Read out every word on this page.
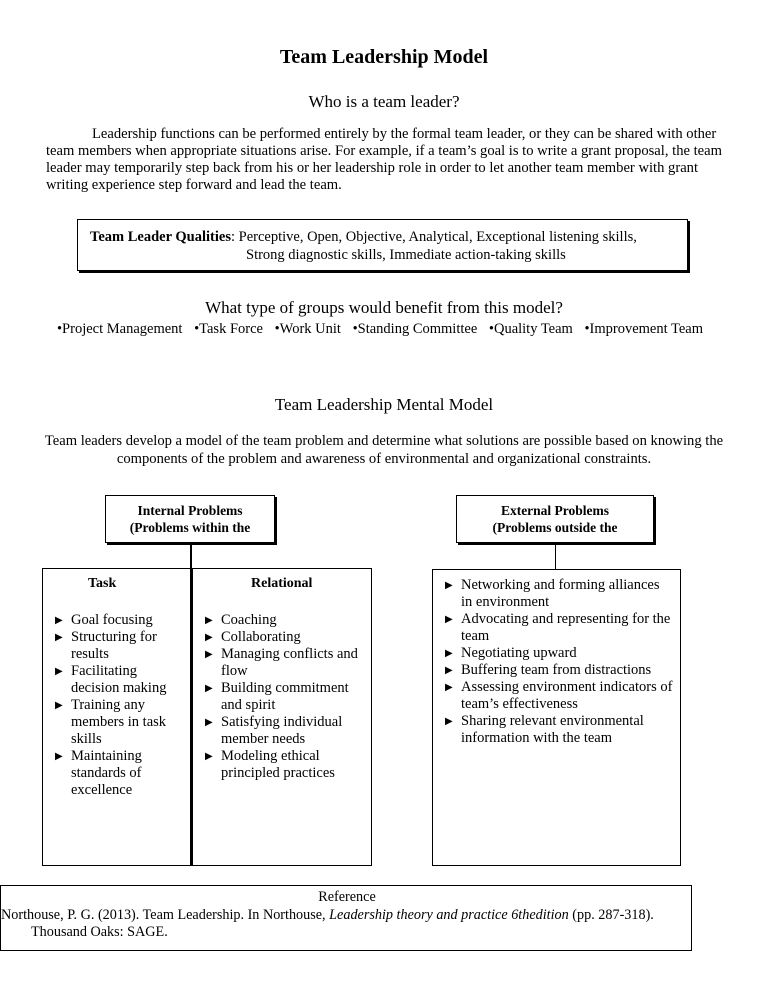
Team Leadership Model
Who is a team leader?
Leadership functions can be performed entirely by the formal team leader, or they can be shared with other team members when appropriate situations arise. For example, if a team’s goal is to write a grant proposal, the team leader may temporarily step back from his or her leadership role in order to let another team member with grant writing experience step forward and lead the team.
Team Leader Qualities: Perceptive, Open, Objective, Analytical, Exceptional listening skills,
Strong diagnostic skills, Immediate action-taking skills
What type of groups would benefit from this model?
•Project Management •Task Force •Work Unit •Standing Committee •Quality Team •Improvement Team
Team Leadership Mental Model
Team leaders develop a model of the team problem and determine what solutions are possible based on knowing the components of the problem and awareness of environmental and organizational constraints.
Internal Problems
(Problems within the
External Problems
(Problems outside the
Task
▶ Goal focusing
▶ Structuring for results
▶ Facilitating decision making
▶ Training any members in task skills
▶ Maintaining standards of excellence
Relational
▶ Coaching
▶ Collaborating
▶ Managing conflicts and flow
▶ Building commitment and spirit
▶ Satisfying individual member needs
▶ Modeling ethical principled practices
▶ Networking and forming alliances in environment
▶ Advocating and representing for the team
▶ Negotiating upward
▶ Buffering team from distractions
▶ Assessing environment indicators of team’s effectiveness
▶ Sharing relevant environmental information with the team
Reference
Northouse, P. G. (2013). Team Leadership. In Northouse, Leadership theory and practice 6thedition (pp. 287-318). Thousand Oaks: SAGE.
